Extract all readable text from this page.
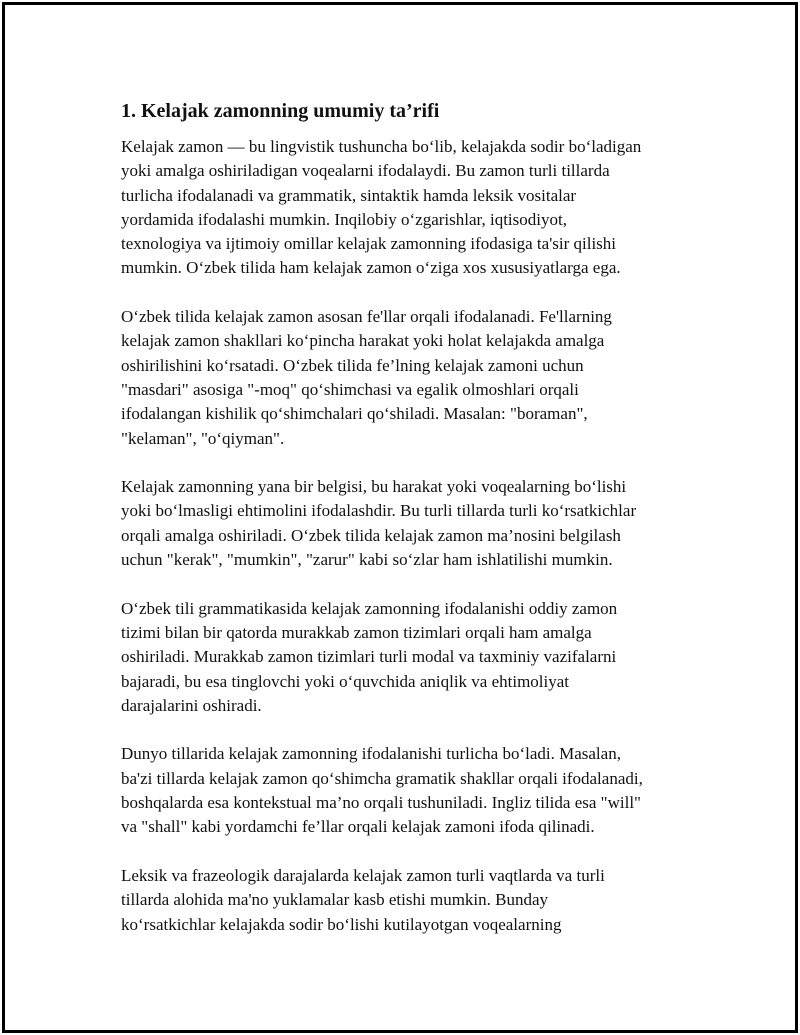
1. Kelajak zamonning umumiy ta’rifi

Kelajak zamon — bu lingvistik tushuncha boʻlib, kelajakda sodir boʻladigan
yoki amalga oshiriladigan voqealarni ifodalaydi. Bu zamon turli tillarda
turlicha ifodalanadi va grammatik, sintaktik hamda leksik vositalar
yordamida ifodalashi mumkin. Inqilobiy oʻzgarishlar, iqtisodiyot,
texnologiya va ijtimoiy omillar kelajak zamonning ifodasiga ta'sir qilishi
mumkin. Oʻzbek tilida ham kelajak zamon oʻziga xos xususiyatlarga ega.

Oʻzbek tilida kelajak zamon asosan fe'llar orqali ifodalanadi. Fe'llarning
kelajak zamon shakllari koʻpincha harakat yoki holat kelajakda amalga
oshirilishini koʻrsatadi. Oʻzbek tilida fe’lning kelajak zamoni uchun
"masdari" asosiga "-moq" qoʻshimchasi va egalik olmoshlari orqali
ifodalangan kishilik qoʻshimchalari qoʻshiladi. Masalan: "boraman",
"kelaman", "oʻqiyman".

Kelajak zamonning yana bir belgisi, bu harakat yoki voqealarning boʻlishi
yoki boʻlmasligi ehtimolini ifodalashdir. Bu turli tillarda turli koʻrsatkichlar
orqali amalga oshiriladi. Oʻzbek tilida kelajak zamon ma’nosini belgilash
uchun "kerak", "mumkin", "zarur" kabi soʻzlar ham ishlatilishi mumkin.

Oʻzbek tili grammatikasida kelajak zamonning ifodalanishi oddiy zamon
tizimi bilan bir qatorda murakkab zamon tizimlari orqali ham amalga
oshiriladi. Murakkab zamon tizimlari turli modal va taxminiy vazifalarni
bajaradi, bu esa tinglovchi yoki oʻquvchida aniqlik va ehtimoliyat
darajalarini oshiradi.

Dunyo tillarida kelajak zamonning ifodalanishi turlicha boʻladi. Masalan,
ba'zi tillarda kelajak zamon qoʻshimcha gramatik shakllar orqali ifodalanadi,
boshqalarda esa kontekstual ma’no orqali tushuniladi. Ingliz tilida esa "will"
va "shall" kabi yordamchi fe’llar orqali kelajak zamoni ifoda qilinadi.

Leksik va frazeologik darajalarda kelajak zamon turli vaqtlarda va turli
tillarda alohida ma'no yuklamalar kasb etishi mumkin. Bunday
koʻrsatkichlar kelajakda sodir boʻlishi kutilayotgan voqealarning
